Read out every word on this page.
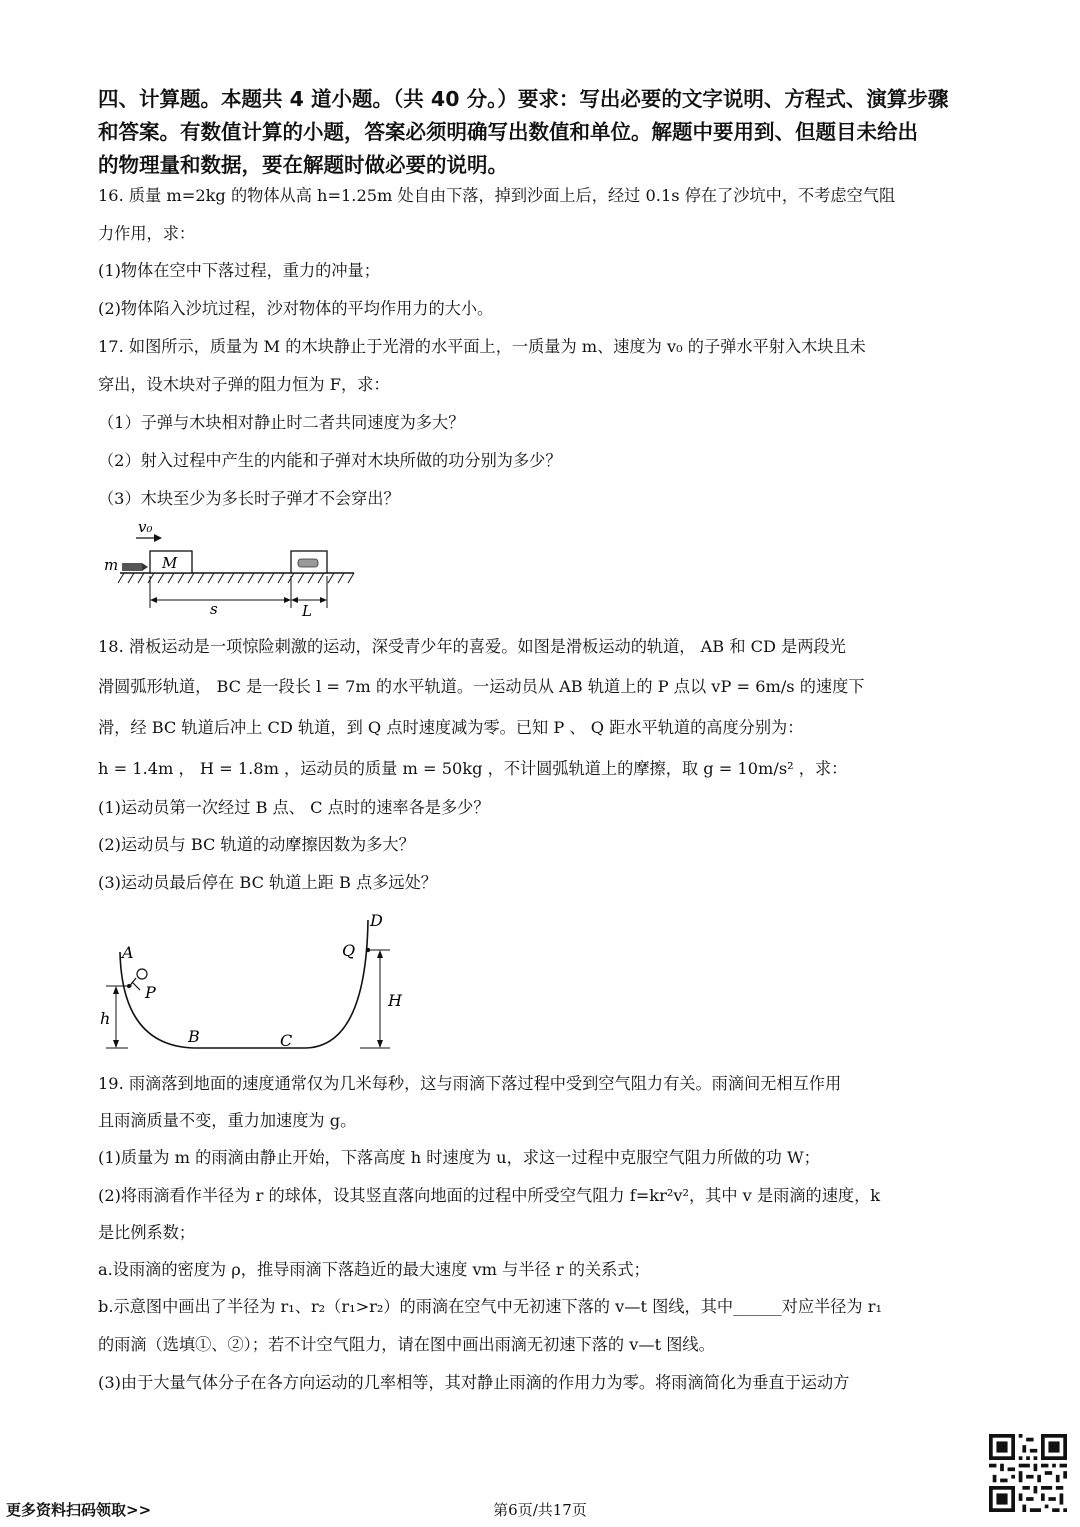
四、计算题。本题共 4 道小题。（共 40 分。）要求：写出必要的文字说明、方程式、演算步骤
和答案。有数值计算的小题，答案必须明确写出数值和单位。解题中要用到、但题目未给出
的物理量和数据，要在解题时做必要的说明。
16. 质量 m=2kg 的物体从高 h=1.25m 处自由下落，掉到沙面上后，经过 0.1s 停在了沙坑中，不考虑空气阻
力作用，求：
(1)物体在空中下落过程，重力的冲量；
(2)物体陷入沙坑过程，沙对物体的平均作用力的大小。
17. 如图所示，质量为 M 的木块静止于光滑的水平面上，一质量为 m、速度为 v₀ 的子弹水平射入木块且未
穿出，设木块对子弹的阻力恒为 F，求：
（1）子弹与木块相对静止时二者共同速度为多大？
（2）射入过程中产生的内能和子弹对木块所做的功分别为多少？
（3）木块至少为多长时子弹才不会穿出？
v₀
m	M
s	L
18. 滑板运动是一项惊险刺激的运动，深受青少年的喜爱。如图是滑板运动的轨道， AB 和 CD 是两段光
滑圆弧形轨道， BC 是一段长 l = 7m 的水平轨道。一运动员从 AB 轨道上的 P 点以 vP = 6m/s 的速度下
滑，经 BC 轨道后冲上 CD 轨道，到 Q 点时速度减为零。已知 P 、 Q 距水平轨道的高度分别为：
h = 1.4m ， H = 1.8m ，运动员的质量 m = 50kg ，不计圆弧轨道上的摩擦，取 g = 10m/s² ，求：
(1)运动员第一次经过 B 点、 C 点时的速率各是多少？
(2)运动员与 BC 轨道的动摩擦因数为多大？
(3)运动员最后停在 BC 轨道上距 B 点多远处？
A
P
h
B	C
D
Q
H
19. 雨滴落到地面的速度通常仅为几米每秒，这与雨滴下落过程中受到空气阻力有关。雨滴间无相互作用
且雨滴质量不变，重力加速度为 g。
(1)质量为 m 的雨滴由静止开始，下落高度 h 时速度为 u，求这一过程中克服空气阻力所做的功 W；
(2)将雨滴看作半径为 r 的球体，设其竖直落向地面的过程中所受空气阻力 f=kr²v²，其中 v 是雨滴的速度，k
是比例系数；
a.设雨滴的密度为 ρ，推导雨滴下落趋近的最大速度 vm 与半径 r 的关系式；
b.示意图中画出了半径为 r₁、r₂（r₁>r₂）的雨滴在空气中无初速下落的 v—t 图线，其中______对应半径为 r₁
的雨滴（选填①、②）；若不计空气阻力，请在图中画出雨滴无初速下落的 v—t 图线。
(3)由于大量气体分子在各方向运动的几率相等，其对静止雨滴的作用力为零。将雨滴简化为垂直于运动方
更多资料扫码领取>>	第6页/共17页
